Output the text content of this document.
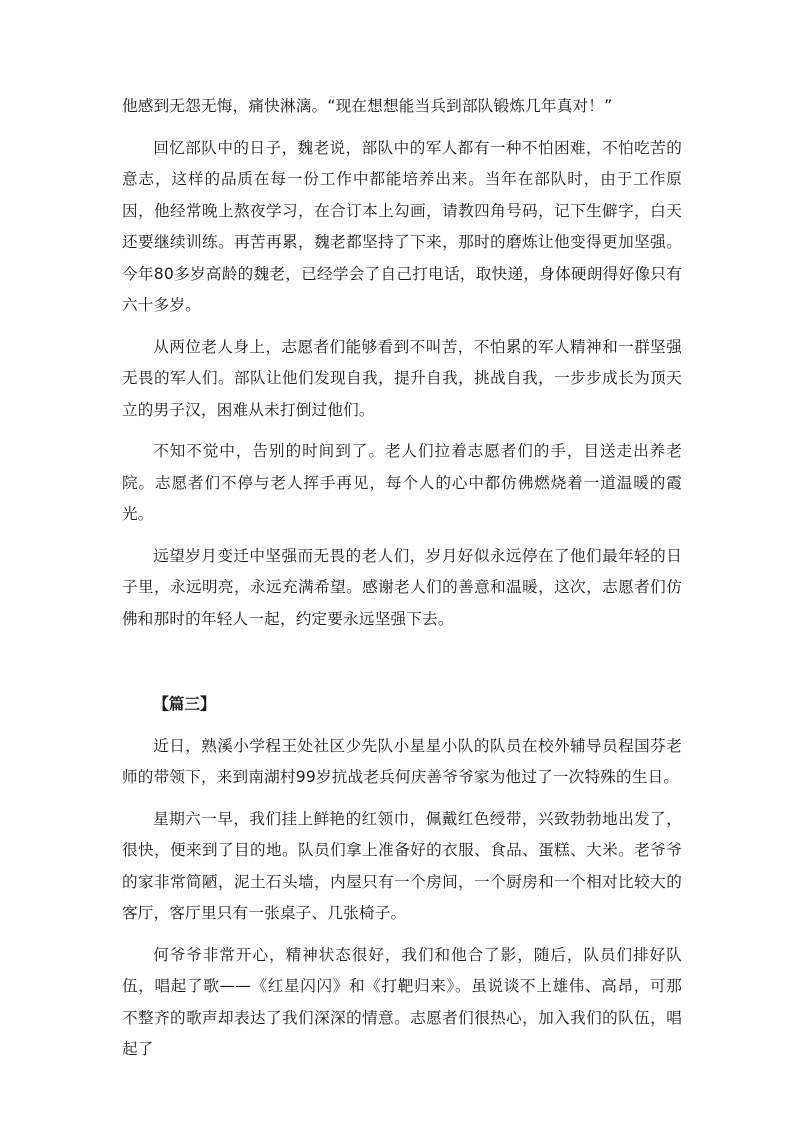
他感到无怨无悔，痛快淋漓。“现在想想能当兵到部队锻炼几年真对！”

回忆部队中的日子，魏老说，部队中的军人都有一种不怕困难，不怕吃苦的意志，这样的品质在每一份工作中都能培养出来。当年在部队时，由于工作原因，他经常晚上熬夜学习，在合订本上勾画，请教四角号码，记下生僻字，白天还要继续训练。再苦再累，魏老都坚持了下来，那时的磨炼让他变得更加坚强。今年80多岁高龄的魏老，已经学会了自己打电话，取快递，身体硬朗得好像只有六十多岁。

从两位老人身上，志愿者们能够看到不叫苦，不怕累的军人精神和一群坚强无畏的军人们。部队让他们发现自我，提升自我，挑战自我，一步步成长为顶天立的男子汉，困难从未打倒过他们。

不知不觉中，告别的时间到了。老人们拉着志愿者们的手，目送走出养老院。志愿者们不停与老人挥手再见，每个人的心中都仿佛燃烧着一道温暖的霞光。

远望岁月变迁中坚强而无畏的老人们，岁月好似永远停在了他们最年轻的日子里，永远明亮，永远充满希望。感谢老人们的善意和温暖，这次，志愿者们仿佛和那时的年轻人一起，约定要永远坚强下去。

【篇三】

近日，熟溪小学程王处社区少先队小星星小队的队员在校外辅导员程国芬老师的带领下，来到南湖村99岁抗战老兵何庆善爷爷家为他过了一次特殊的生日。

星期六一早，我们挂上鲜艳的红领巾，佩戴红色绶带，兴致勃勃地出发了，很快，便来到了目的地。队员们拿上准备好的衣服、食品、蛋糕、大米。老爷爷的家非常简陋，泥土石头墙，内屋只有一个房间，一个厨房和一个相对比较大的客厅，客厅里只有一张桌子、几张椅子。

何爷爷非常开心，精神状态很好，我们和他合了影，随后，队员们排好队伍，唱起了歌——《红星闪闪》和《打靶归来》。虽说谈不上雄伟、高昂，可那不整齐的歌声却表达了我们深深的情意。志愿者们很热心，加入我们的队伍，唱起了
